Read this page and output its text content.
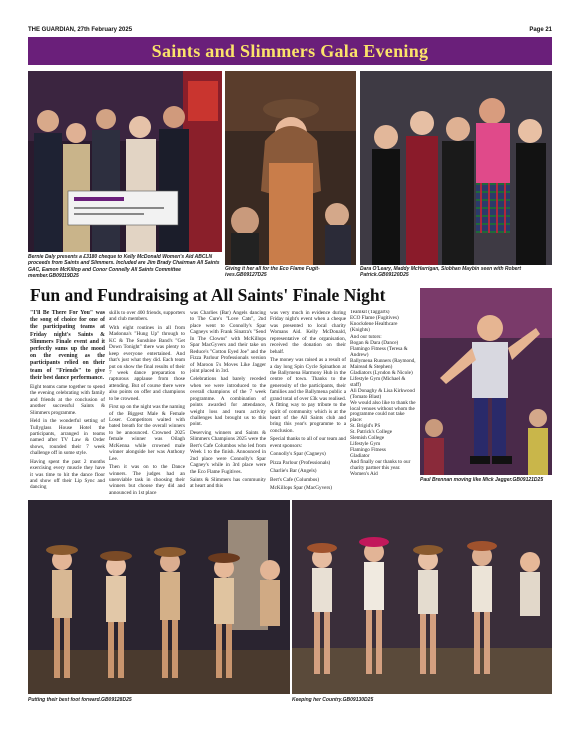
THE GUARDIAN, 27th February 2025	Page 21
Saints and Slimmers Gala Evening
Bernie Daly presents a £3180 cheque to Kelly McDonald Women's Aid ABCLN proceeds from Saints and Slimmers. Included are Jim Brady Chairman All Saints GAC, Eamon McKillop and Conor Connelly All Saints Committee member.GB09119D25
Giving it her all for the Eco Flame Fugit-ives.GB09127D25
Dara O'Leary, Maddy McHarrigan, Siobhan Maybin seen with Robert Patrick.GB09120D25
Fun and Fundraising at All Saints' Finale Night

"I'll Be There For You" was the song of choice for one of the participating teams at Friday night's Saints & Slimmers Finale event and it perfectly sums up the mood on the evening as the participants relied on their team of "Friends" to give their best dance performance.

Eight teams came together to spend the evening celebrating with family and friends at the conclusion of another successful Saints & Slimmers programme.

Held in the wonderful setting of Tullyglass House Hotel the participants, arranged in teams named after TV Law & Order shows, rounded their 7 week challenge off in some style.

Having spent the past 2 months exercising every muscle they have it was time to hit the dance floor and show off their Lip Sync and dancing

skills to over 400 friends, supporters and club members.

With eight routines in all from Madonna's "Hung Up" through to KC & The Sunshine Band's "Get Down Tonight" there was plenty to keep everyone entertained. And that's just what they did. Each team put on show the final results of their 7 week dance preparation to rapturous applause from those attending. But of course there were also points on offer and champions to be crowned.

First up on the night was the naming of the Biggest Male & Female Loser. Competitors waited with bated breath for the overall winners to be announced. Crowned 2025 female winner was Oilagh McKenna while crowned male winner alongside her was Anthony Lee.

Then it was on to the Dance winners. The judges had an unenviable task in choosing their winners but choose they did and announced in 1st place

was Charlies (Bar) Angels dancing to The Cure's "Love Cats", 2nd place went to Connolly's Spar Cagneys with Frank Sinatra's "Send In The Clowns" with McKillops Spar MacGyvers and their take on Reduce's "Cotton Eyed Joe" and the Fizza Parlour Professionals version of Maroon 5's Moves Like Jagger joint placed in 3rd.

Celebrations had barely receded when we were introduced to the overall champions of the 7 week programme. A combination of points awarded for attendance, weight loss and team activity challenges had brought us to this point.

Deserving winners and Saints & Slimmers Champions 2025 were the Bert's Cafe Columbos who led from Week 1 to the finish. Announced in 2nd place were Connolly's Spar Cagney's while in 3rd place were the Eco Flame Fugitives.

Saints & Slimmers has community at heart and this

was very much in evidence during Friday night's event when a cheque was presented to local charity Womans Aid. Kelly McDonald, representative of the organisation, received the donation on their behalf.

The money was raised as a result of a day long Spin Cycle Spinathon at the Ballymena Harmony Hub in the centre of town. Thanks to the generosity of the participants, their families and the Ballymena public a grand total of over £3k was realised. A fitting way to pay tribute to the spirit of community which is at the heart of the All Saints club and bring this year's programme to a conclusion.

Special thanks to all of our team and event sponsors:

Connolly's Spar (Cagneys)

Pizza Parlour (Professionals)

Charlie's Bar (Angels)

Bert's Cafe (Columbos)

McKillops Spar (MacGyvers)

Teamkit (Taggarts)

ECO Flame (Fugitives)

Knockdene Healthcare (Knights)

And our tutors:

Bogan & Dara (Dance)

Flamingo Fitness (Teresa & Andrew)

Ballymena Runners (Raymond, Mairead & Stephen)

Gladiators (Lyndon & Nicole)

Lifestyle Gym (Michael & staff)

Ali Donaghy & Lisa Kirkwood (Tomato Blast)

We would also like to thank the local venues without whom the programme could not take place:

St. Brigid's PS

St. Patrick's College

Slemish College

Lifestyle Gym

Flamingo Fitness

Gladiator

And finally our thanks to our charity partner this year. Women's Aid

Paul Brennan moving like Mick Jagger.GB09121D25
Putting their best foot forward.GB09128D25	Keeping her Country.GB09130D25
